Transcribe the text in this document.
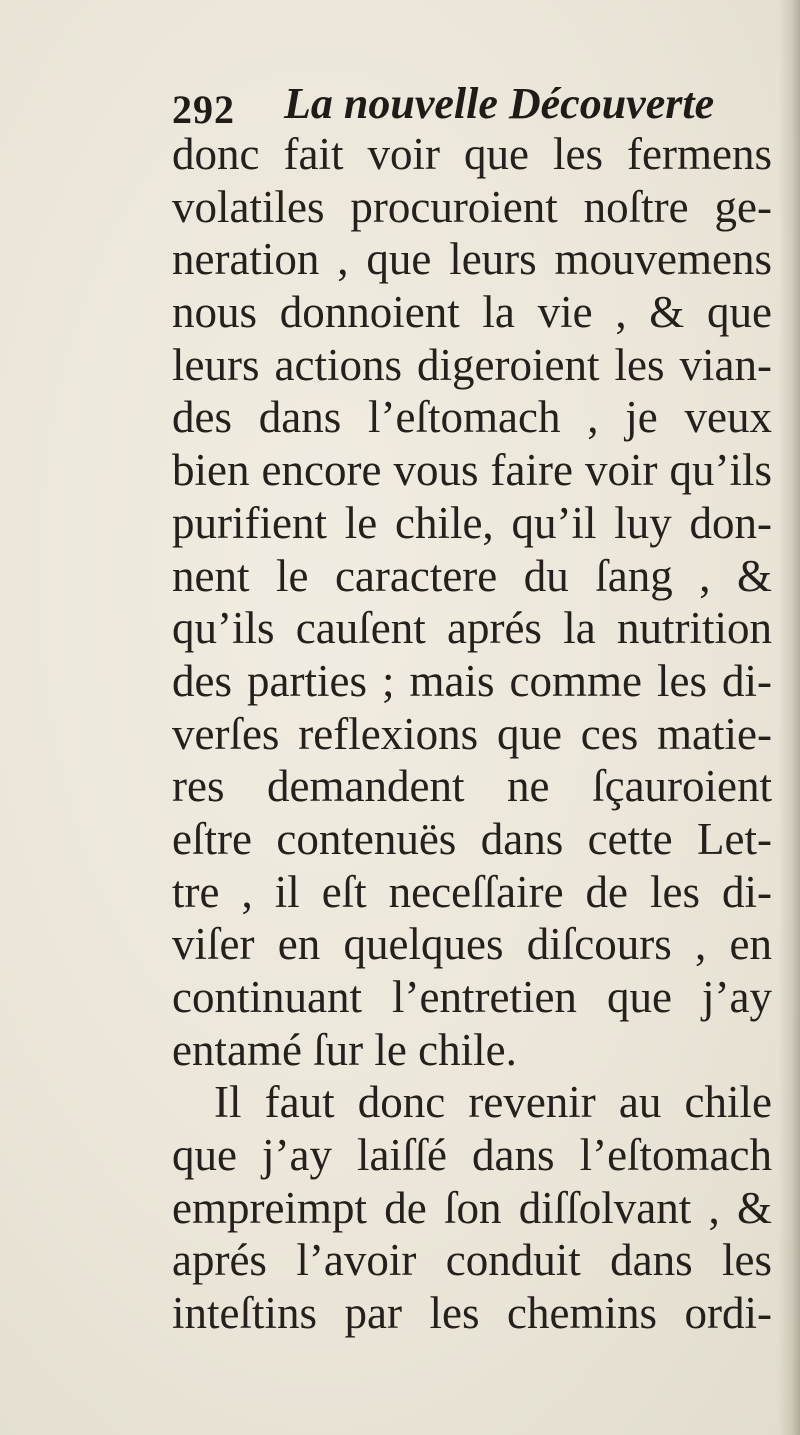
292 La nouvelle Découverte
donc fait voir que les fermens
volatiles procuroient noſtre ge-
neration , que leurs mouvemens
nous donnoient la vie , & que
leurs actions digeroient les vian-
des dans l’eſtomach , je veux
bien encore vous faire voir qu’ils
purifient le chile, qu’il luy don-
nent le caractere du ſang , &
qu’ils cauſent aprés la nutrition
des parties ; mais comme les di-
verſes reflexions que ces matie-
res demandent ne ſçauroient
eſtre contenuës dans cette Let-
tre , il eſt neceſſaire de les di-
viſer en quelques diſcours , en
continuant l’entretien que j’ay
entamé ſur le chile.
Il faut donc revenir au chile
que j’ay laiſſé dans l’eſtomach
empreimpt de ſon diſſolvant , &
aprés l’avoir conduit dans les
inteſtins par les chemins ordi-
